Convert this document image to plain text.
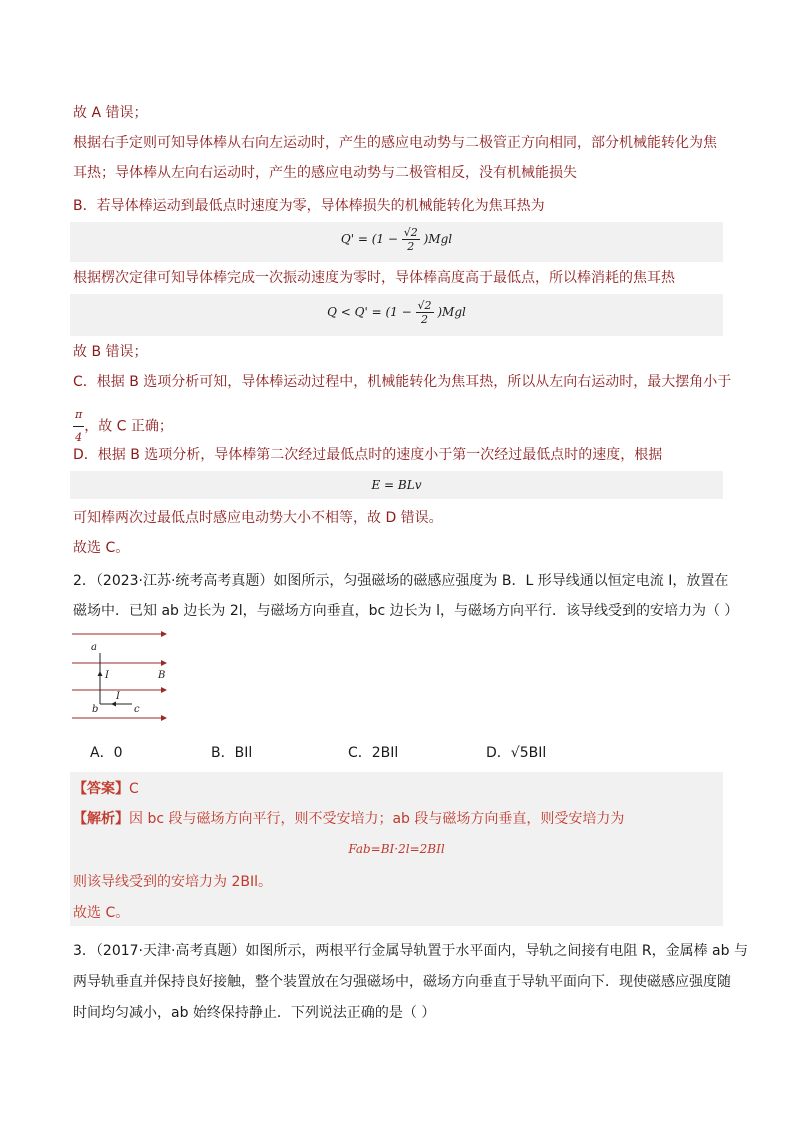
故 A 错误；
根据右手定则可知导体棒从右向左运动时，产生的感应电动势与二极管正方向相同，部分机械能转化为焦
耳热；导体棒从左向右运动时，产生的感应电动势与二极管相反，没有机械能损失
B．若导体棒运动到最低点时速度为零，导体棒损失的机械能转化为焦耳热为
$Q' = (1 - \frac{√2}{2} )Mgl$
根据楞次定律可知导体棒完成一次振动速度为零时，导体棒高度高于最低点，所以棒消耗的焦耳热
$Q < Q' = (1 - \frac{√2}{2} )Mgl$
故 B 错误；
C．根据 B 选项分析可知，导体棒运动过程中，机械能转化为焦耳热，所以从左向右运动时，最大摆角小于
$\frac{\pi}{4}$ ，故 C 正确；
D．根据 B 选项分析，导体棒第二次经过最低点时的速度小于第一次经过最低点时的速度，根据
E = BLv
可知棒两次过最低点时感应电动势大小不相等，故 D 错误。
故选 C。
2．（2023·江苏·统考高考真题）如图所示，匀强磁场的磁感应强度为 B．L 形导线通以恒定电流 I，放置在
磁场中．已知 ab 边长为 2l，与磁场方向垂直，bc 边长为 l，与磁场方向平行．该导线受到的安培力为（ ）
a
I	B
I
b	c
A．0	B．BIl	C．2BIl	D．√5BIl
【答案】C
【解析】因 bc 段与磁场方向平行，则不受安培力；ab 段与磁场方向垂直，则受安培力为
Fab=BI·2l=2BIl
则该导线受到的安培力为 2BIl。
故选 C。
3．（2017·天津·高考真题）如图所示，两根平行金属导轨置于水平面内，导轨之间接有电阻 R，金属棒 ab 与
两导轨垂直并保持良好接触，整个装置放在匀强磁场中，磁场方向垂直于导轨平面向下．现使磁感应强度随
时间均匀减小，ab 始终保持静止．下列说法正确的是（ ）
